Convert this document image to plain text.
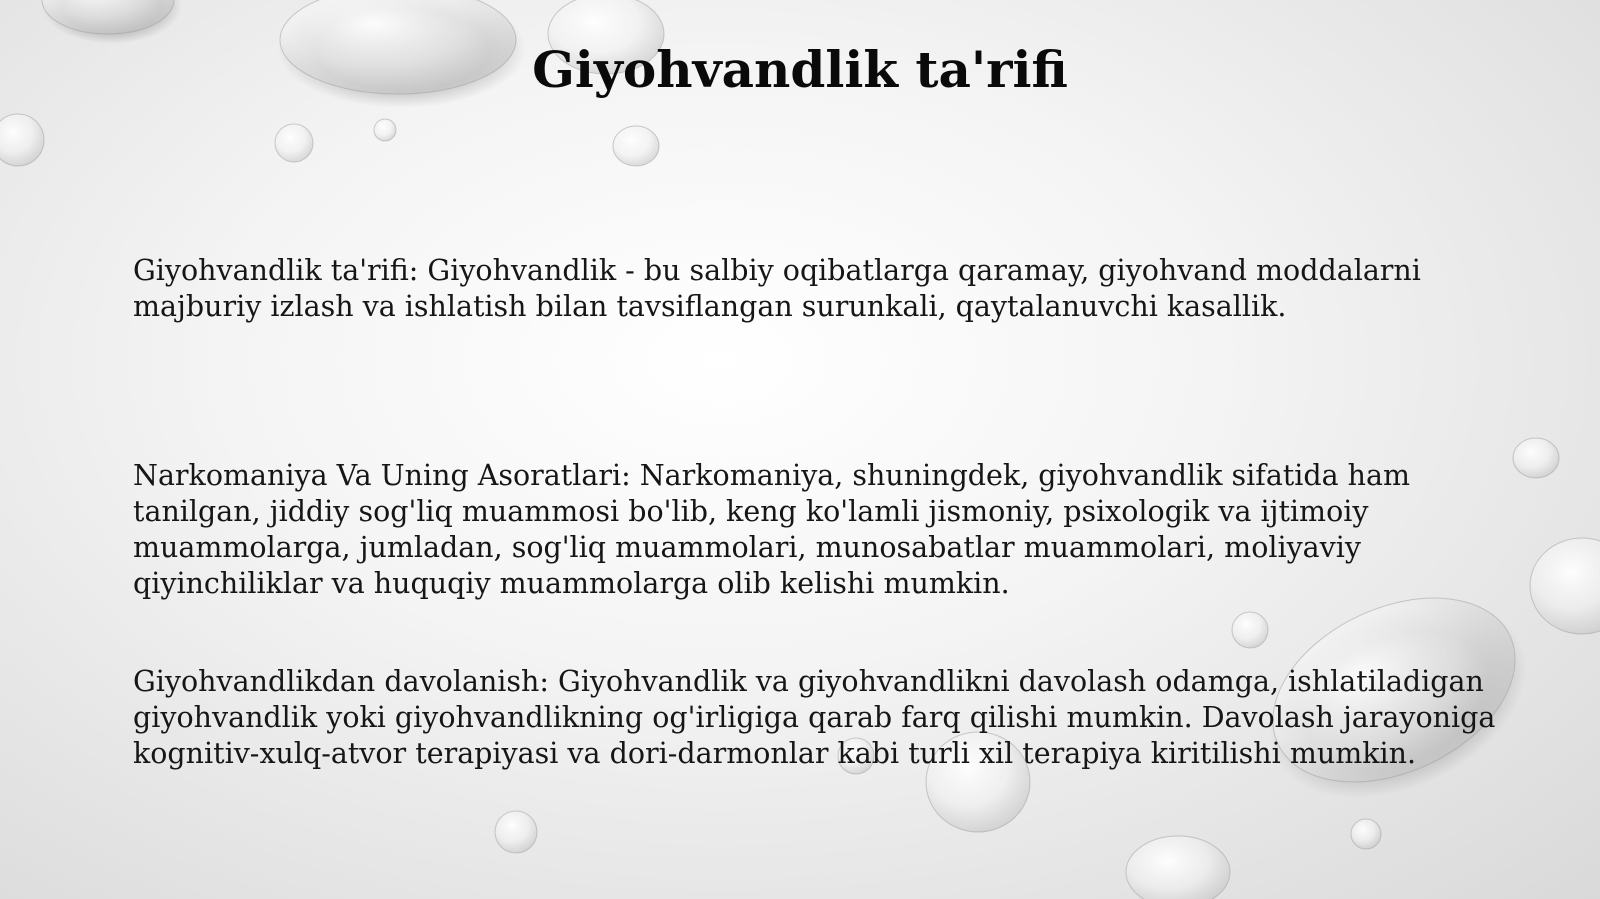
Giyohvandlik ta'rifi

Giyohvandlik ta'rifi: Giyohvandlik - bu salbiy oqibatlarga qaramay, giyohvand moddalarni majburiy izlash va ishlatish bilan tavsiflangan surunkali, qaytalanuvchi kasallik.

Narkomaniya Va Uning Asoratlari: Narkomaniya, shuningdek, giyohvandlik sifatida ham tanilgan, jiddiy sog'liq muammosi bo'lib, keng ko'lamli jismoniy, psixologik va ijtimoiy muammolarga, jumladan, sog'liq muammolari, munosabatlar muammolari, moliyaviy qiyinchiliklar va huquqiy muammolarga olib kelishi mumkin.

Giyohvandlikdan davolanish: Giyohvandlik va giyohvandlikni davolash odamga, ishlatiladigan giyohvandlik yoki giyohvandlikning og'irligiga qarab farq qilishi mumkin. Davolash jarayoniga kognitiv-xulq-atvor terapiyasi va dori-darmonlar kabi turli xil terapiya kiritilishi mumkin.
